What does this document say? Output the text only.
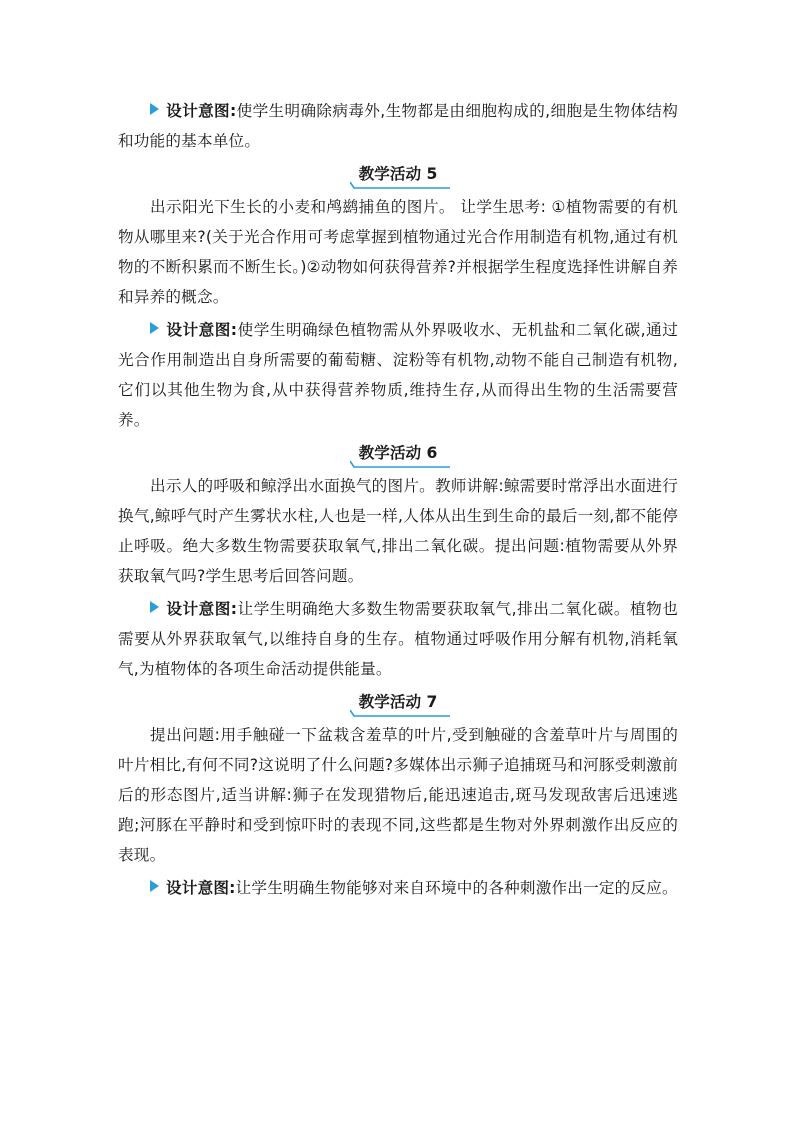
设计意图:使学生明确除病毒外,生物都是由细胞构成的,细胞是生物体结构和功能的基本单位。

教学活动 5

出示阳光下生长的小麦和鸬鹚捕鱼的图片。 让学生思考: ①植物需要的有机物从哪里来?(关于光合作用可考虑掌握到植物通过光合作用制造有机物,通过有机物的不断积累而不断生长。)②动物如何获得营养?并根据学生程度选择性讲解自养和异养的概念。

设计意图:使学生明确绿色植物需从外界吸收水、无机盐和二氧化碳,通过光合作用制造出自身所需要的葡萄糖、淀粉等有机物,动物不能自己制造有机物,它们以其他生物为食,从中获得营养物质,维持生存,从而得出生物的生活需要营养。

教学活动 6

出示人的呼吸和鲸浮出水面换气的图片。教师讲解:鲸需要时常浮出水面进行换气,鲸呼气时产生雾状水柱,人也是一样,人体从出生到生命的最后一刻,都不能停止呼吸。绝大多数生物需要获取氧气,排出二氧化碳。提出问题:植物需要从外界获取氧气吗?学生思考后回答问题。

设计意图:让学生明确绝大多数生物需要获取氧气,排出二氧化碳。植物也需要从外界获取氧气,以维持自身的生存。植物通过呼吸作用分解有机物,消耗氧气,为植物体的各项生命活动提供能量。

教学活动 7

提出问题:用手触碰一下盆栽含羞草的叶片,受到触碰的含羞草叶片与周围的叶片相比,有何不同?这说明了什么问题?多媒体出示狮子追捕斑马和河豚受刺激前后的形态图片,适当讲解:狮子在发现猎物后,能迅速追击,斑马发现敌害后迅速逃跑;河豚在平静时和受到惊吓时的表现不同,这些都是生物对外界刺激作出反应的表现。

设计意图:让学生明确生物能够对来自环境中的各种刺激作出一定的反应。
